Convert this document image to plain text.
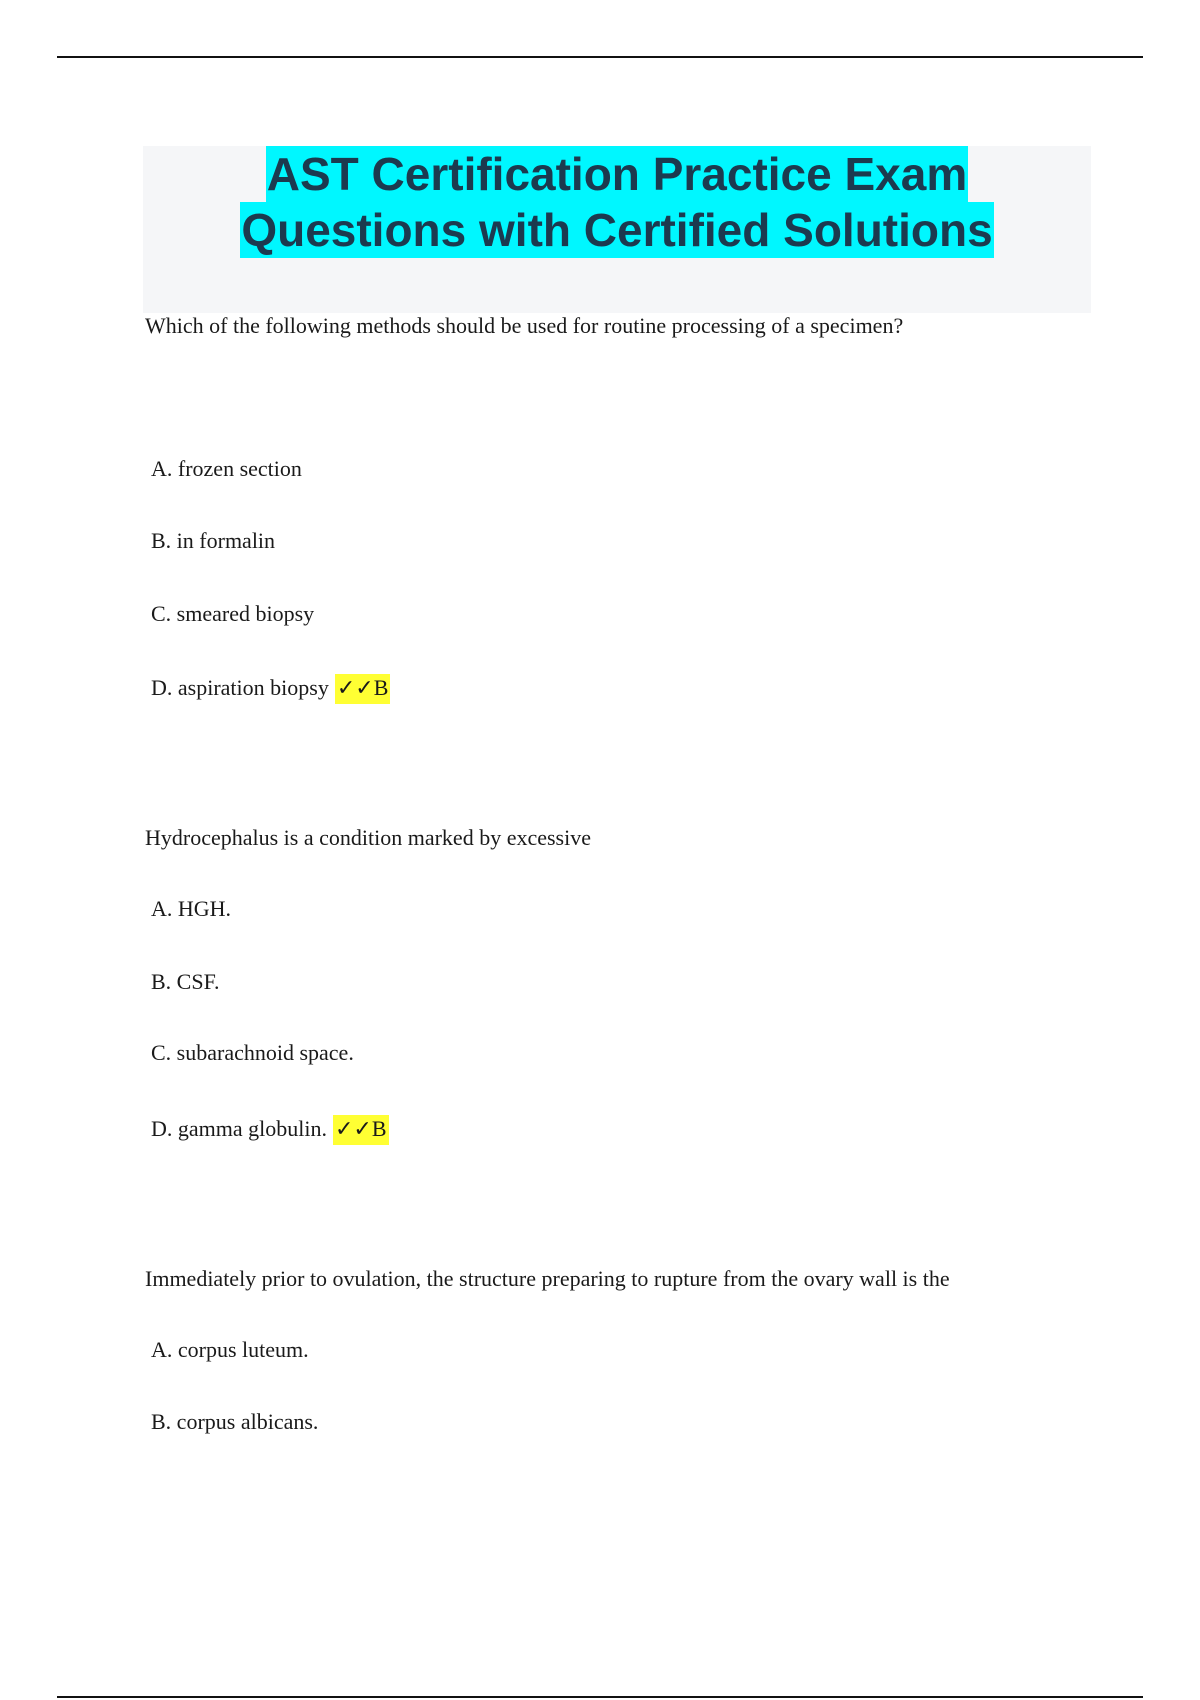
AST Certification Practice Exam
Questions with Certified Solutions
Which of the following methods should be used for routine processing of a specimen?
A. frozen section
B. in formalin
C. smeared biopsy
D. aspiration biopsy ✓✓B
Hydrocephalus is a condition marked by excessive
A. HGH.
B. CSF.
C. subarachnoid space.
D. gamma globulin. ✓✓B
Immediately prior to ovulation, the structure preparing to rupture from the ovary wall is the
A. corpus luteum.
B. corpus albicans.
